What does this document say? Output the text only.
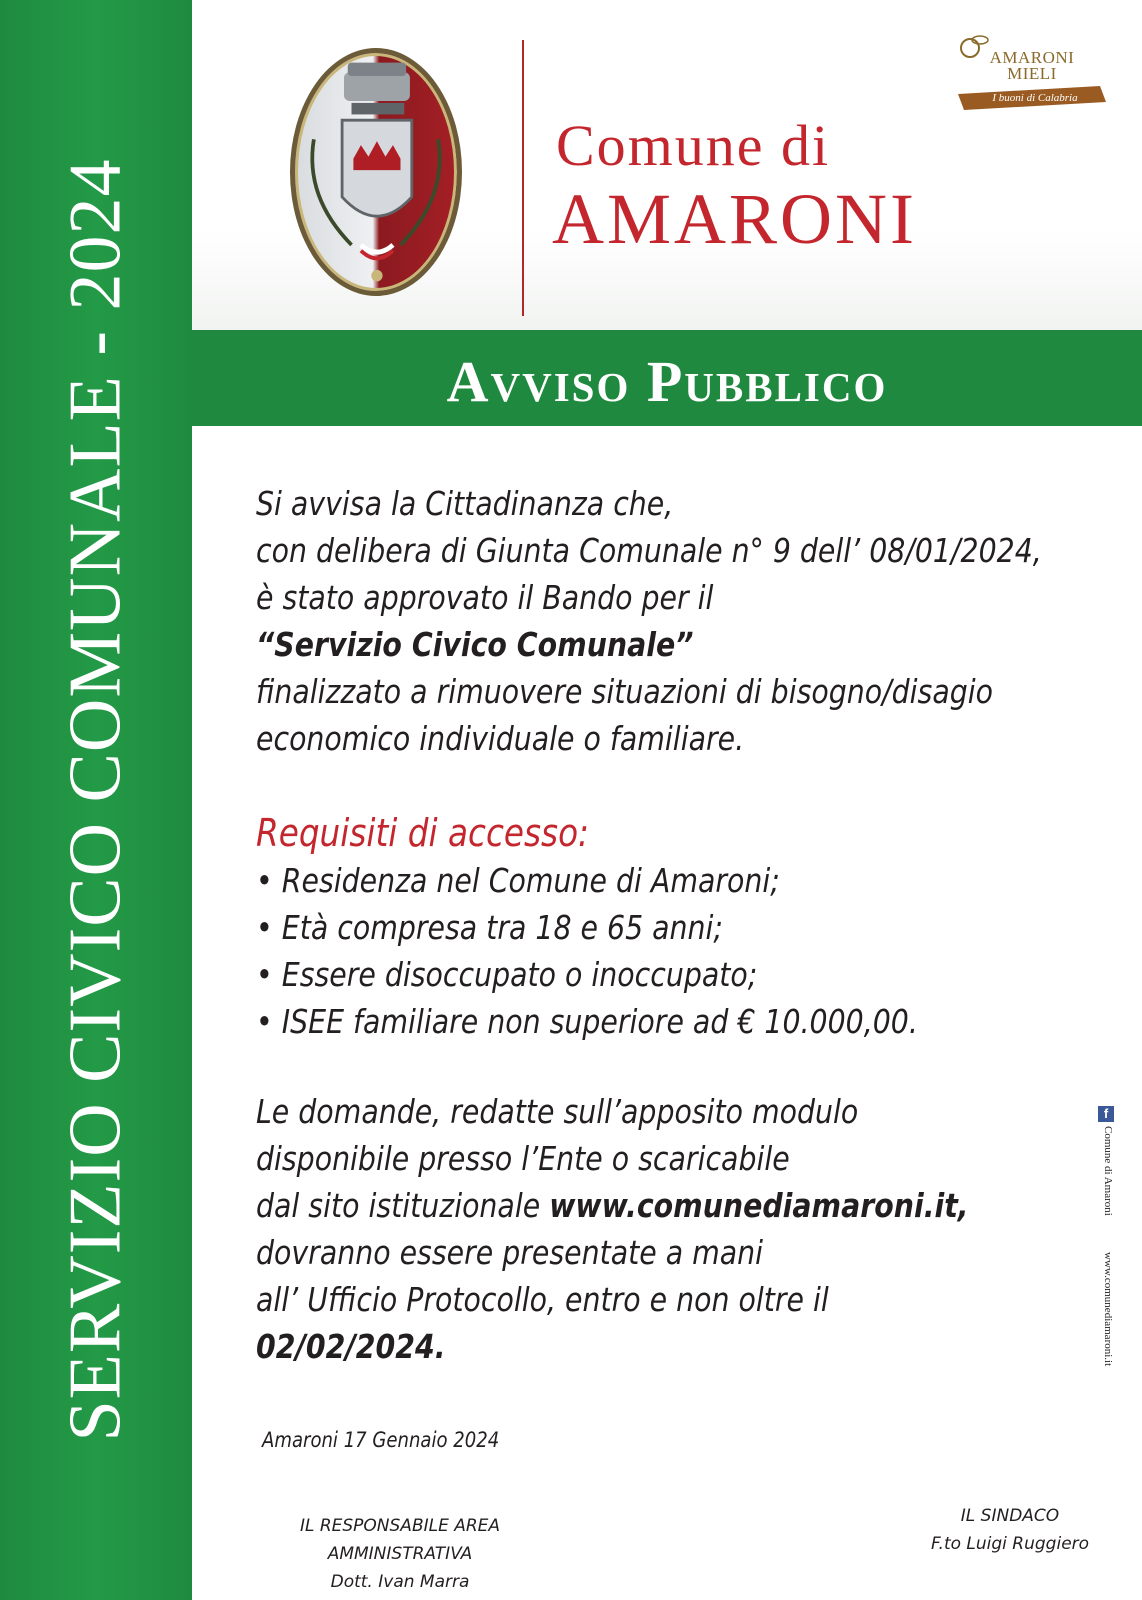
SERVIZIO CIVICO COMUNALE - 2024
Comune di
AMARONI
AMARONI
MIELI
I buoni di Calabria
Avviso Pubblico
Si avvisa la Cittadinanza che,
con delibera di Giunta Comunale n° 9 dell’ 08/01/2024,
è stato approvato il Bando per il
“Servizio Civico Comunale”
finalizzato a rimuovere situazioni di bisogno/disagio
economico individuale o familiare.
Requisiti di accesso:
• Residenza nel Comune di Amaroni;
• Età compresa tra 18 e 65 anni;
• Essere disoccupato o inoccupato;
• ISEE familiare non superiore ad € 10.000,00.
Le domande, redatte sull’apposito modulo
disponibile presso l’Ente o scaricabile
dal sito istituzionale www.comunediamaroni.it,
dovranno essere presentate a mani
all’ Ufficio Protocollo, entro e non oltre il
02/02/2024.
Amaroni 17 Gennaio 2024
IL RESPONSABILE AREA AMMINISTRATIVA
Dott. Ivan Marra
IL SINDACO
F.to Luigi Ruggiero
f
Comune di Amaroni
www.comunediamaroni.it
